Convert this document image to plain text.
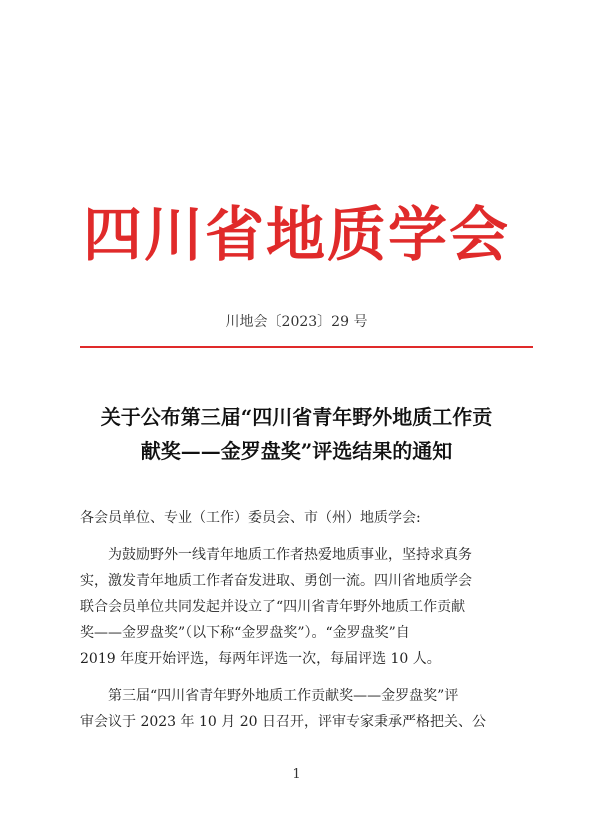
四川省地质学会
川地会〔2023〕29 号
关于公布第三届“四川省青年野外地质工作贡
献奖——金罗盘奖”评选结果的通知
各会员单位、专业（工作）委员会、市（州）地质学会:
为鼓励野外一线青年地质工作者热爱地质事业，坚持求真务
实，激发青年地质工作者奋发进取、勇创一流。四川省地质学会
联合会员单位共同发起并设立了“四川省青年野外地质工作贡献
奖——金罗盘奖”（以下称“金罗盘奖”）。“金罗盘奖”自
2019 年度开始评选，每两年评选一次，每届评选 10 人。
第三届“四川省青年野外地质工作贡献奖——金罗盘奖”评
审会议于 2023 年 10 月 20 日召开，评审专家秉承严格把关、公
1
